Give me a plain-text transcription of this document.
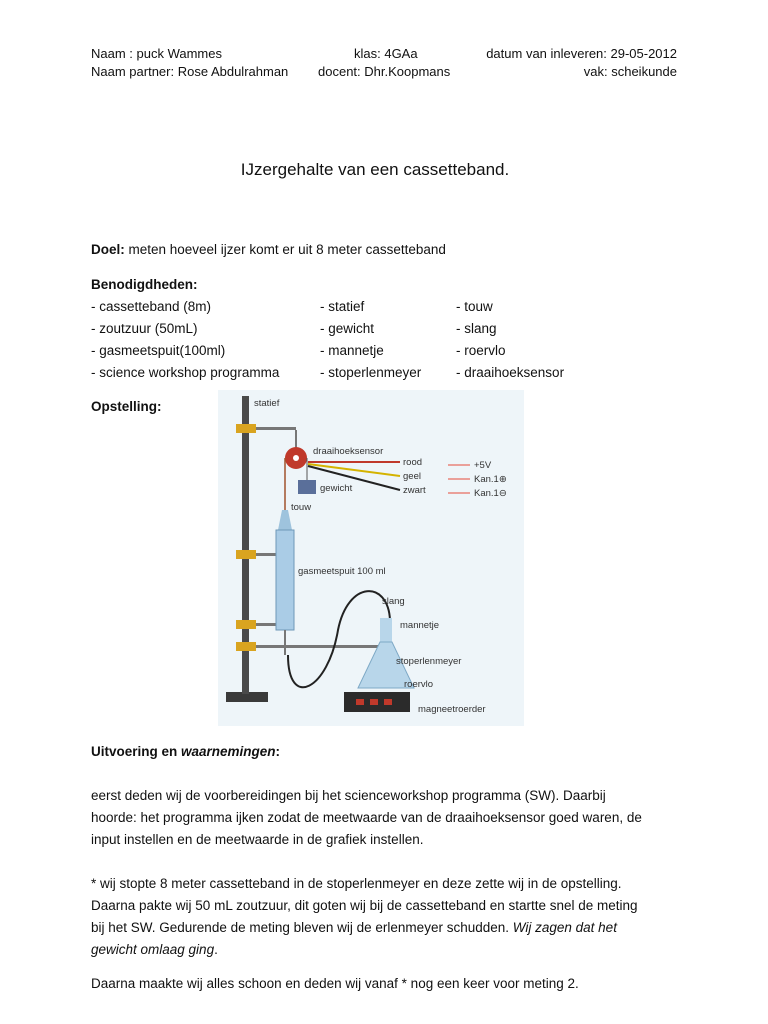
Naam : puck Wammes
Naam partner: Rose Abdulrahman
klas: 4GAa
docent: Dhr.Koopmans
datum van inleveren: 29-05-2012
vak: scheikunde
IJzergehalte van een cassetteband.
Doel: meten hoeveel ijzer komt er uit 8 meter cassetteband
Benodigdheden:
- cassetteband (8m)
- zoutzuur (50mL)
- gasmeetspuit(100ml)
- science workshop programma
- statief
- gewicht
- mannetje
- stoperlenmeyer
- touw
- slang
- roervlo
- draaihoeksensor
Opstelling:	statief
draaihoeksensor
gewicht
touw
rood
geel
zwart
+5V
Kan.1⊕
Kan.1⊖
gasmeetspuit 100 ml
slang
mannetje
stoperlenmeyer
roervlo
magneetroerder
Uitvoering en waarnemingen:
eerst deden wij de voorbereidingen bij het scienceworkshop programma (SW). Daarbij
hoorde: het programma ijken zodat de meetwaarde van de draaihoeksensor goed waren, de
input instellen en de meetwaarde in de grafiek instellen.
* wij stopte 8 meter cassetteband in de stoperlenmeyer en deze zette wij in de opstelling.
Daarna pakte wij 50 mL zoutzuur, dit goten wij bij de cassetteband en startte snel de meting
bij het SW. Gedurende de meting bleven wij de erlenmeyer schudden. Wij zagen dat het
gewicht omlaag ging.
Daarna maakte wij alles schoon en deden wij vanaf * nog een keer voor meting 2.
